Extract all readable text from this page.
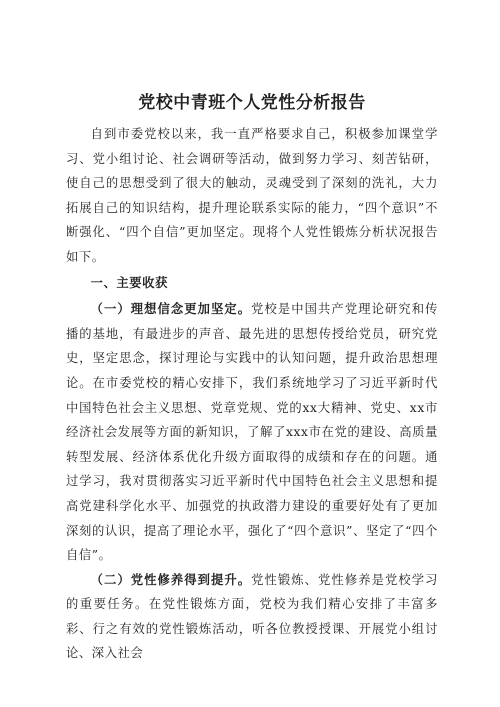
党校中青班个人党性分析报告

自到市委党校以来，我一直严格要求自己，积极参加课堂学习、党小组讨论、社会调研等活动，做到努力学习、刻苦钻研，使自己的思想受到了很大的触动，灵魂受到了深刻的洗礼，大力拓展自己的知识结构，提升理论联系实际的能力，“四个意识”不断强化、“四个自信”更加坚定。现将个人党性锻炼分析状况报告如下。

一、主要收获

（一）理想信念更加坚定。党校是中国共产党理论研究和传播的基地，有最进步的声音、最先进的思想传授给党员，研究党史，坚定思念，探讨理论与实践中的认知问题，提升政治思想理论。在市委党校的精心安排下，我们系统地学习了习近平新时代中国特色社会主义思想、党章党规、党的xx大精神、党史、xx市经济社会发展等方面的新知识，了解了xxx市在党的建设、高质量转型发展、经济体系优化升级方面取得的成绩和存在的问题。通过学习，我对贯彻落实习近平新时代中国特色社会主义思想和提高党建科学化水平、加强党的执政潜力建设的重要好处有了更加深刻的认识，提高了理论水平，强化了“四个意识”、坚定了“四个自信”。

（二）党性修养得到提升。党性锻炼、党性修养是党校学习的重要任务。在党性锻炼方面，党校为我们精心安排了丰富多彩、行之有效的党性锻炼活动，听各位教授授课、开展党小组讨论、深入社会
